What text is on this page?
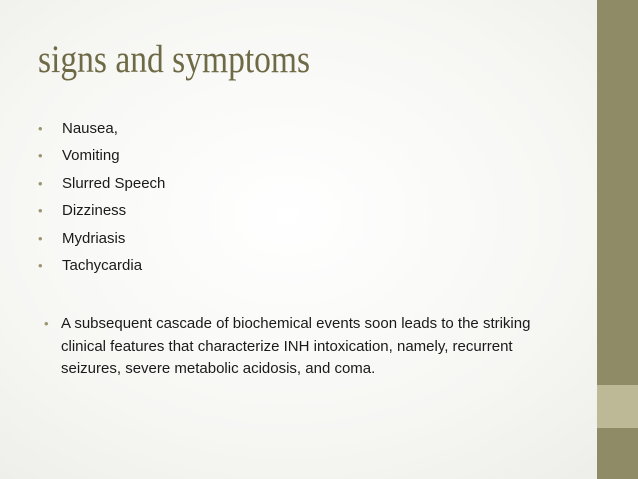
signs and symptoms
• Nausea,
• Vomiting
• Slurred Speech
• Dizziness
• Mydriasis
• Tachycardia
• A subsequent cascade of biochemical events soon leads to the striking clinical features that characterize INH intoxication, namely, recurrent seizures, severe metabolic acidosis, and coma.
